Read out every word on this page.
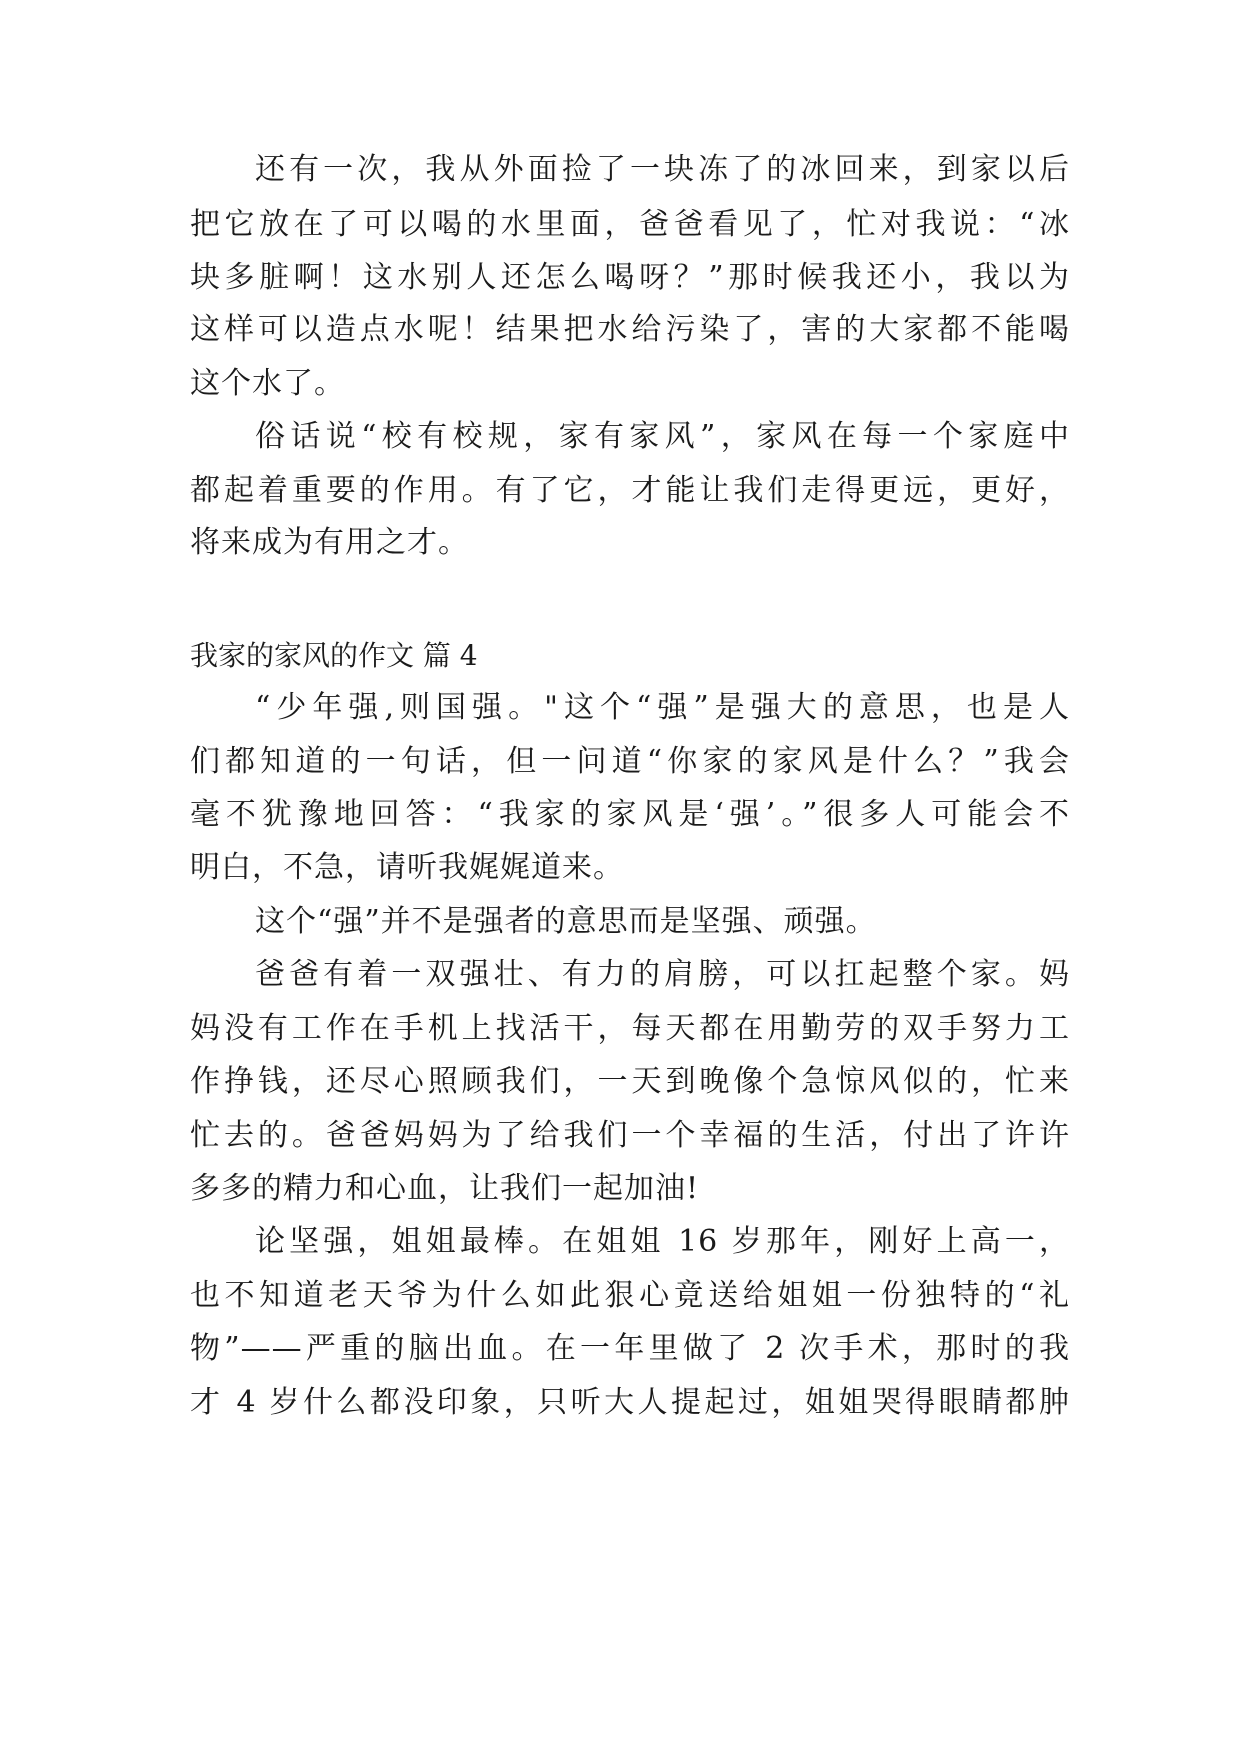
还有一次，我从外面捡了一块冻了的冰回来，到家以后
把它放在了可以喝的水里面，爸爸看见了，忙对我说：“冰
块多脏啊！这水别人还怎么喝呀？”那时候我还小，我以为
这样可以造点水呢！结果把水给污染了，害的大家都不能喝
这个水了。
俗话说“校有校规，家有家风”，家风在每一个家庭中
都起着重要的作用。有了它，才能让我们走得更远，更好，
将来成为有用之才。
我家的家风的作文 篇 4
“少年强,则国强。"这个“强”是强大的意思，也是人
们都知道的一句话，但一问道“你家的家风是什么？”我会
毫不犹豫地回答：“我家的家风是‘强’。”很多人可能会不
明白，不急，请听我娓娓道来。
这个“强”并不是强者的意思而是坚强、顽强。
爸爸有着一双强壮、有力的肩膀，可以扛起整个家。妈
妈没有工作在手机上找活干，每天都在用勤劳的双手努力工
作挣钱，还尽心照顾我们，一天到晚像个急惊风似的，忙来
忙去的。爸爸妈妈为了给我们一个幸福的生活，付出了许许
多多的精力和心血，让我们一起加油!
论坚强，姐姐最棒。在姐姐 16 岁那年，刚好上高一，
也不知道老天爷为什么如此狠心竟送给姐姐一份独特的“礼
物”——严重的脑出血。在一年里做了 2 次手术，那时的我
才 4 岁什么都没印象，只听大人提起过，姐姐哭得眼睛都肿
